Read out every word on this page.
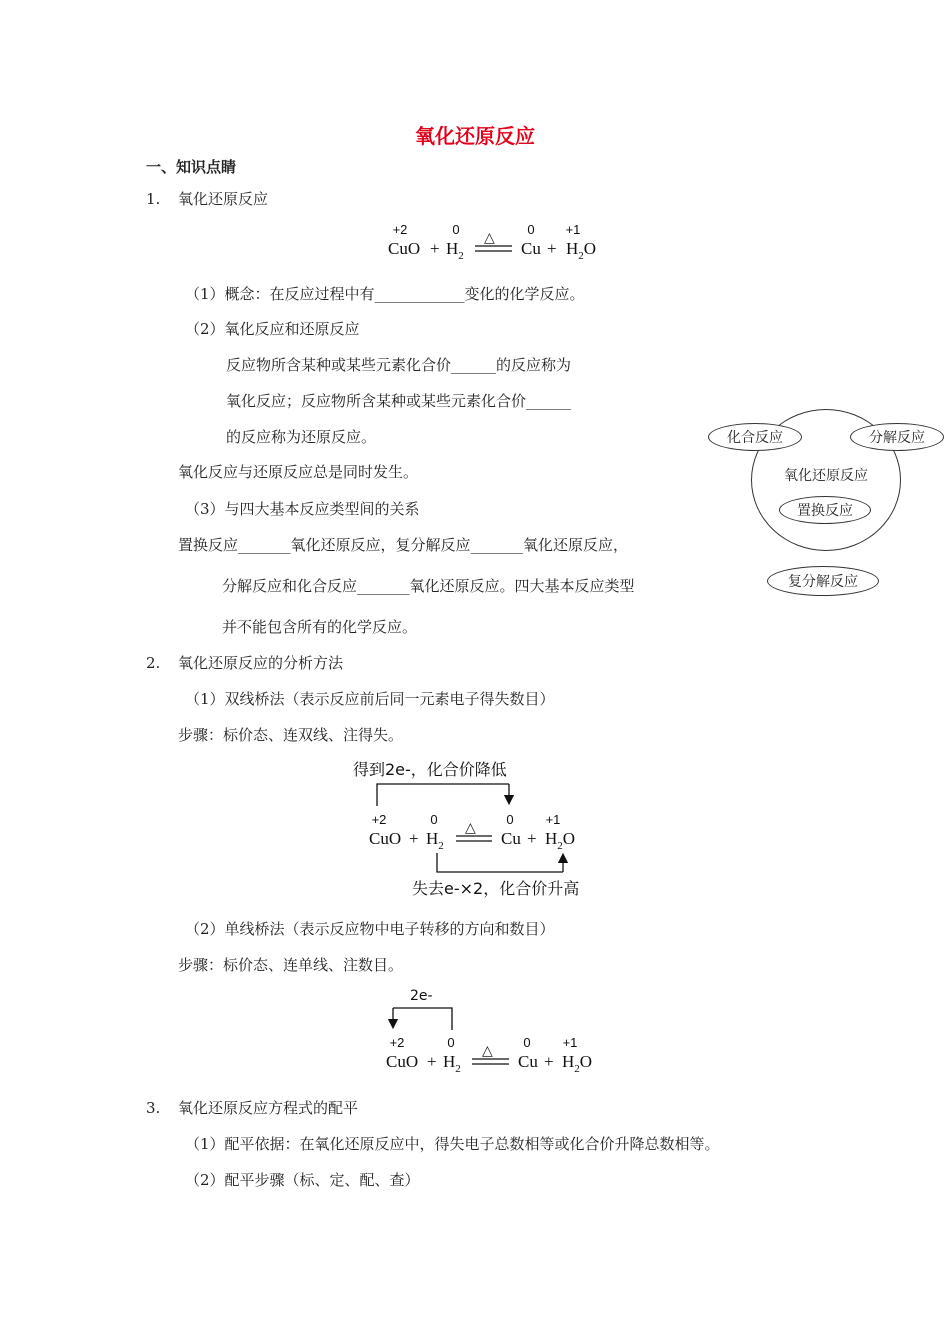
氧化还原反应
一、知识点睛
1. 氧化还原反应
+2	0	0	+1
CuO + $H_2$
△
$Cu + H_2O$
（1）概念：在反应过程中有____________变化的化学反应。
（2）氧化反应和还原反应
反应物所含某种或某些元素化合价______的反应称为
氧化反应；反应物所含某种或某些元素化合价______
的反应称为还原反应。
氧化反应与还原反应总是同时发生。
（3）与四大基本反应类型间的关系
置换反应_______氧化还原反应，复分解反应_______氧化还原反应，
分解反应和化合反应_______氧化还原反应。四大基本反应类型
并不能包含所有的化学反应。
化合反应	分解反应
氧化还原反应
置换反应
复分解反应
2. 氧化还原反应的分析方法
（1）双线桥法（表示反应前后同一元素电子得失数目）
步骤：标价态、连双线、注得失。
得到2e-，化合价降低
+2	0	0	+1
CuO + $H_2$
△
$Cu + H_2O$
失去e-×2，化合价升高
（2）单线桥法（表示反应物中电子转移的方向和数目）
步骤：标价态、连单线、注数目。
2e-
+2	0	0	+1
CuO + $H_2$
△
$Cu + H_2O$
3. 氧化还原反应方程式的配平
（1）配平依据：在氧化还原反应中，得失电子总数相等或化合价升降总数相等。
（2）配平步骤（标、定、配、查）
